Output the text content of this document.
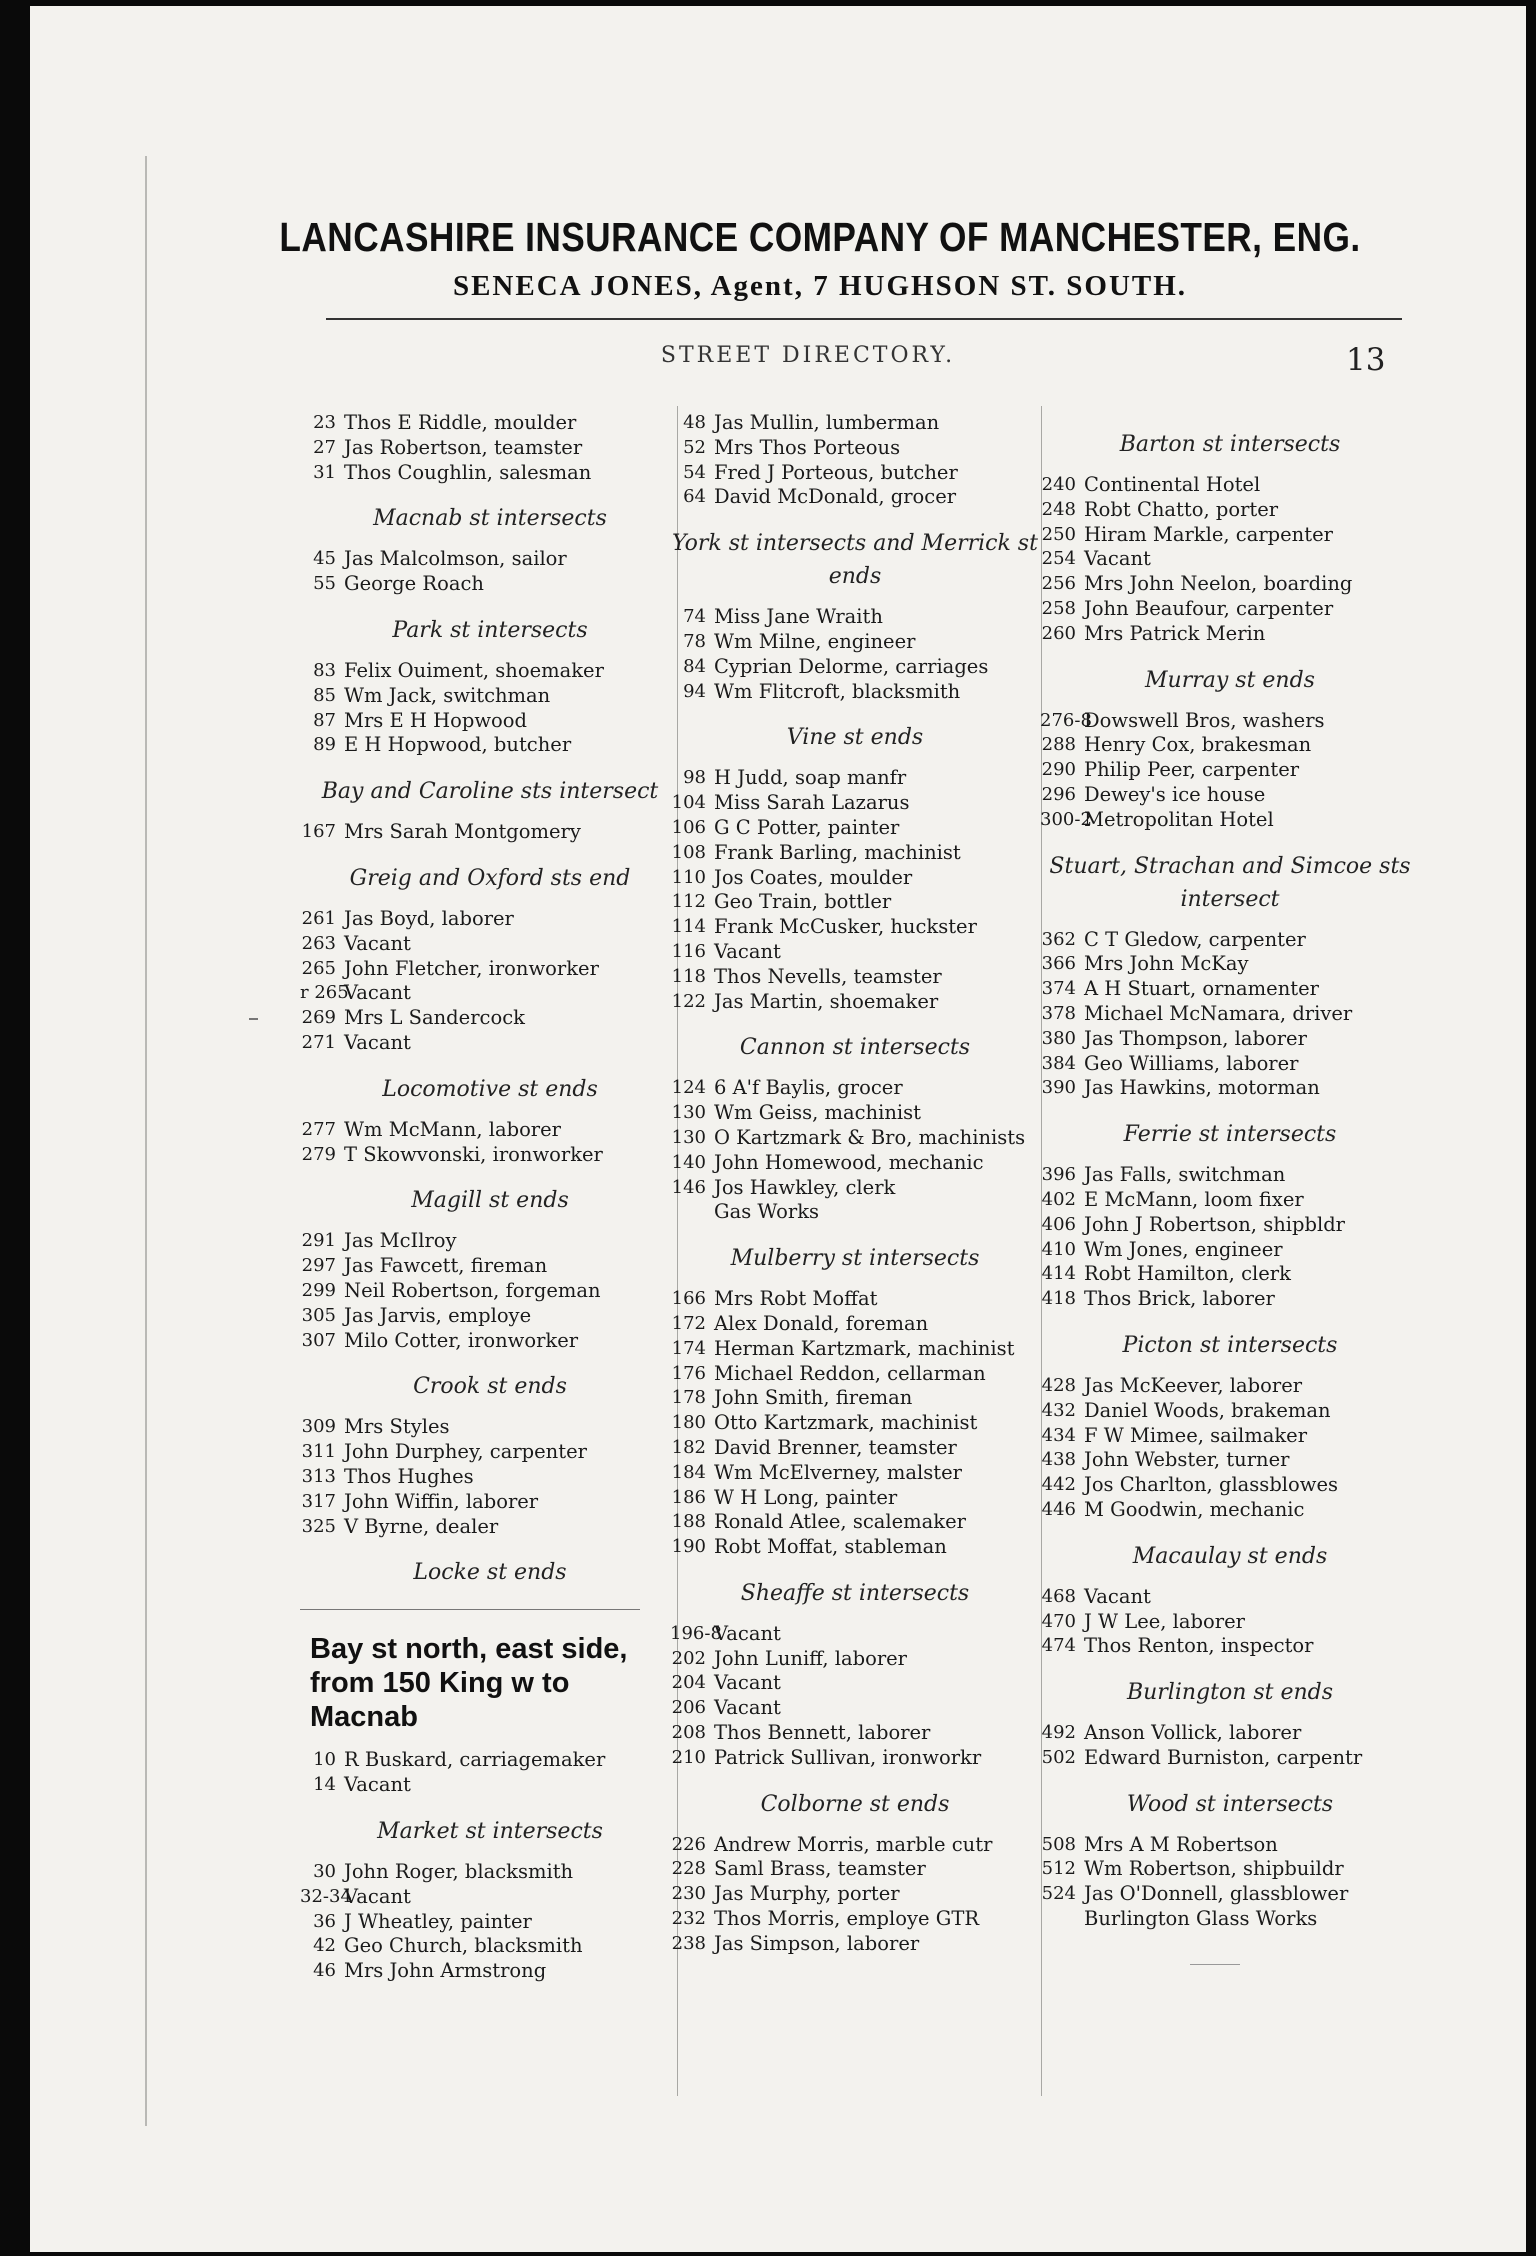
LANCASHIRE INSURANCE COMPANY OF MANCHESTER, ENG.
SENECA JONES, Agent, 7 HUGHSON ST. SOUTH.
STREET DIRECTORY.	13
23 Thos E Riddle, moulder
27 Jas Robertson, teamster
31 Thos Coughlin, salesman
Macnab st intersects
45 Jas Malcolmson, sailor
55 George Roach
Park st intersects
83 Felix Ouiment, shoemaker
85 Wm Jack, switchman
87 Mrs E H Hopwood
89 E H Hopwood, butcher
Bay and Caroline sts intersect
167 Mrs Sarah Montgomery
Greig and Oxford sts end
261 Jas Boyd, laborer
263 Vacant
265 John Fletcher, ironworker
r 265
Vacant
269 Mrs L Sandercock
271 Vacant
Locomotive st ends
277 Wm McMann, laborer
279 T Skowvonski, ironworker
Magill st ends
291 Jas McIlroy
297 Jas Fawcett, fireman
299 Neil Robertson, forgeman
305 Jas Jarvis, employe
307 Milo Cotter, ironworker
Crook st ends
309 Mrs Styles
311 John Durphey, carpenter
313 Thos Hughes
317 John Wiffin, laborer
325 V Byrne, dealer
Locke st ends
Bay st north, east side, from 150 King w to Macnab
10 R Buskard, carriagemaker
14 Vacant
Market st intersects
30 John Roger, blacksmith
32-34
Vacant
36 J Wheatley, painter
42 Geo Church, blacksmith
46 Mrs John Armstrong
48 Jas Mullin, lumberman
52 Mrs Thos Porteous
54 Fred J Porteous, butcher
64 David McDonald, grocer
York st intersects and Merrick st ends
74 Miss Jane Wraith
78 Wm Milne, engineer
84 Cyprian Delorme, carriages
94 Wm Flitcroft, blacksmith
Vine st ends
98 H Judd, soap manfr
104 Miss Sarah Lazarus
106 G C Potter, painter
108 Frank Barling, machinist
110 Jos Coates, moulder
112 Geo Train, bottler
114 Frank McCusker, huckster
116 Vacant
118 Thos Nevells, teamster
122 Jas Martin, shoemaker
Cannon st intersects
124 6 A'f Baylis, grocer
130 Wm Geiss, machinist
130 O Kartzmark & Bro, machinists
140 John Homewood, mechanic
146 Jos Hawkley, clerk
Gas Works
Mulberry st intersects
166 Mrs Robt Moffat
172 Alex Donald, foreman
174 Herman Kartzmark, machinist
176 Michael Reddon, cellarman
178 John Smith, fireman
180 Otto Kartzmark, machinist
182 David Brenner, teamster
184 Wm McElverney, malster
186 W H Long, painter
188 Ronald Atlee, scalemaker
190 Robt Moffat, stableman
Sheaffe st intersects
196-8
Vacant
202 John Luniff, laborer
204 Vacant
206 Vacant
208 Thos Bennett, laborer
210 Patrick Sullivan, ironworkr
Colborne st ends
226 Andrew Morris, marble cutr
228 Saml Brass, teamster
230 Jas Murphy, porter
232 Thos Morris, employe GTR
238 Jas Simpson, laborer
Barton st intersects
240 Continental Hotel
248 Robt Chatto, porter
250 Hiram Markle, carpenter
254 Vacant
256 Mrs John Neelon, boarding
258 John Beaufour, carpenter
260 Mrs Patrick Merin
Murray st ends
276-8
Dowswell Bros, washers
288 Henry Cox, brakesman
290 Philip Peer, carpenter
296 Dewey's ice house
300-2
Metropolitan Hotel
Stuart, Strachan and Simcoe sts intersect
362 C T Gledow, carpenter
366 Mrs John McKay
374 A H Stuart, ornamenter
378 Michael McNamara, driver
380 Jas Thompson, laborer
384 Geo Williams, laborer
390 Jas Hawkins, motorman
Ferrie st intersects
396 Jas Falls, switchman
402 E McMann, loom fixer
406 John J Robertson, shipbldr
410 Wm Jones, engineer
414 Robt Hamilton, clerk
418 Thos Brick, laborer
Picton st intersects
428 Jas McKeever, laborer
432 Daniel Woods, brakeman
434 F W Mimee, sailmaker
438 John Webster, turner
442 Jos Charlton, glassblowes
446 M Goodwin, mechanic
Macaulay st ends
468 Vacant
470 J W Lee, laborer
474 Thos Renton, inspector
Burlington st ends
492 Anson Vollick, laborer
502 Edward Burniston, carpentr
Wood st intersects
508 Mrs A M Robertson
512 Wm Robertson, shipbuildr
524 Jas O'Donnell, glassblower
Burlington Glass Works
